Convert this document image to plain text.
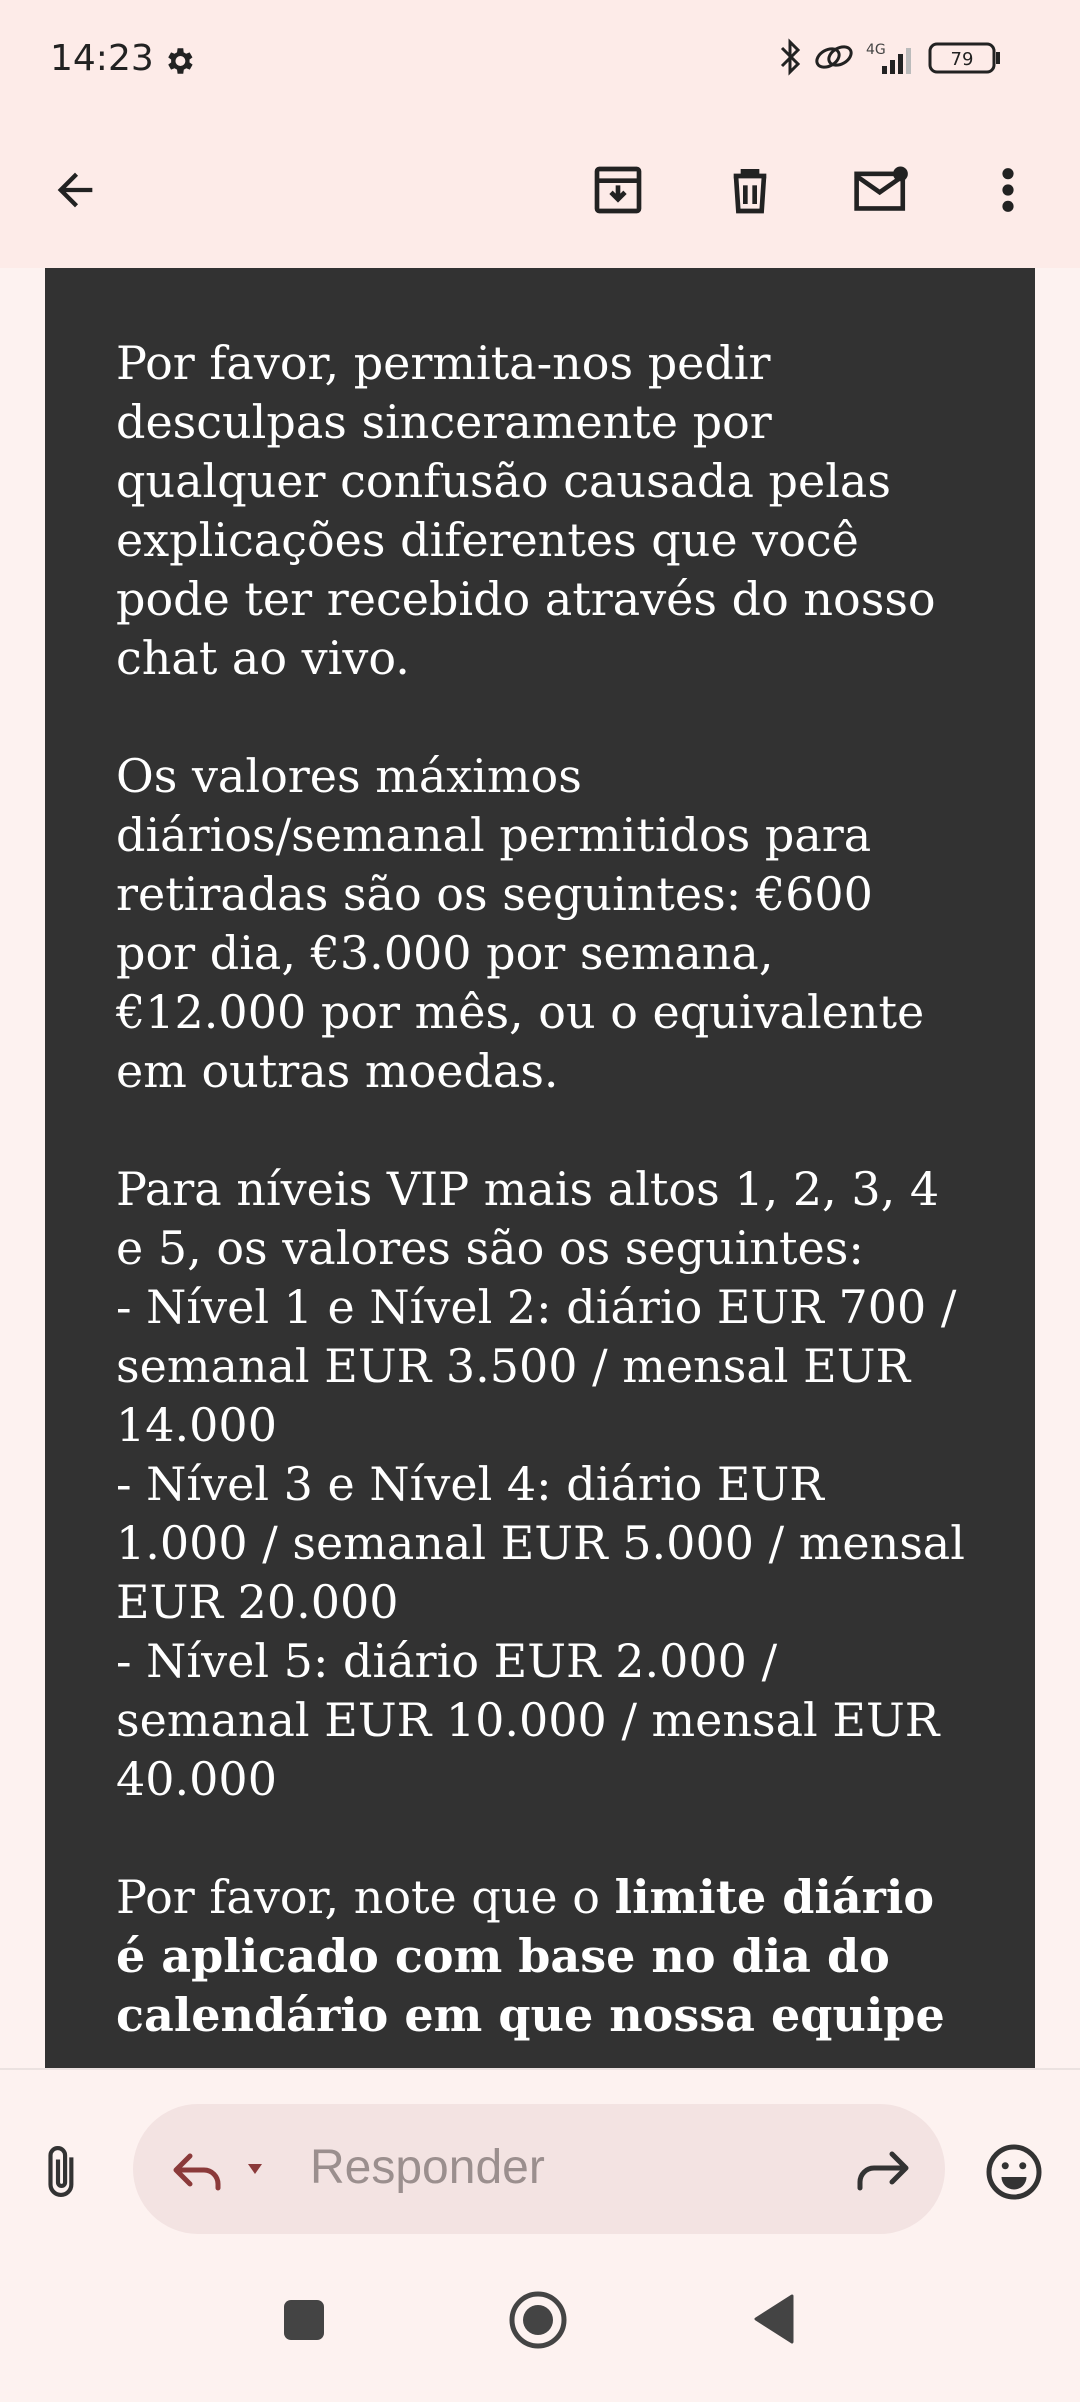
14:23	4G	79

Por favor, permita-nos pedir
desculpas sinceramente por
qualquer confusão causada pelas
explicações diferentes que você
pode ter recebido através do nosso
chat ao vivo.

Os valores máximos
diários/semanal permitidos para
retiradas são os seguintes: €600
por dia, €3.000 por semana,
€12.000 por mês, ou o equivalente
em outras moedas.

Para níveis VIP mais altos 1, 2, 3, 4
e 5, os valores são os seguintes:
- Nível 1 e Nível 2: diário EUR 700 /
semanal EUR 3.500 / mensal EUR
14.000
- Nível 3 e Nível 4: diário EUR
1.000 / semanal EUR 5.000 / mensal
EUR 20.000
- Nível 5: diário EUR 2.000 /
semanal EUR 10.000 / mensal EUR
40.000

Por favor, note que o limite diário
é aplicado com base no dia do
calendário em que nossa equipe

Responder
